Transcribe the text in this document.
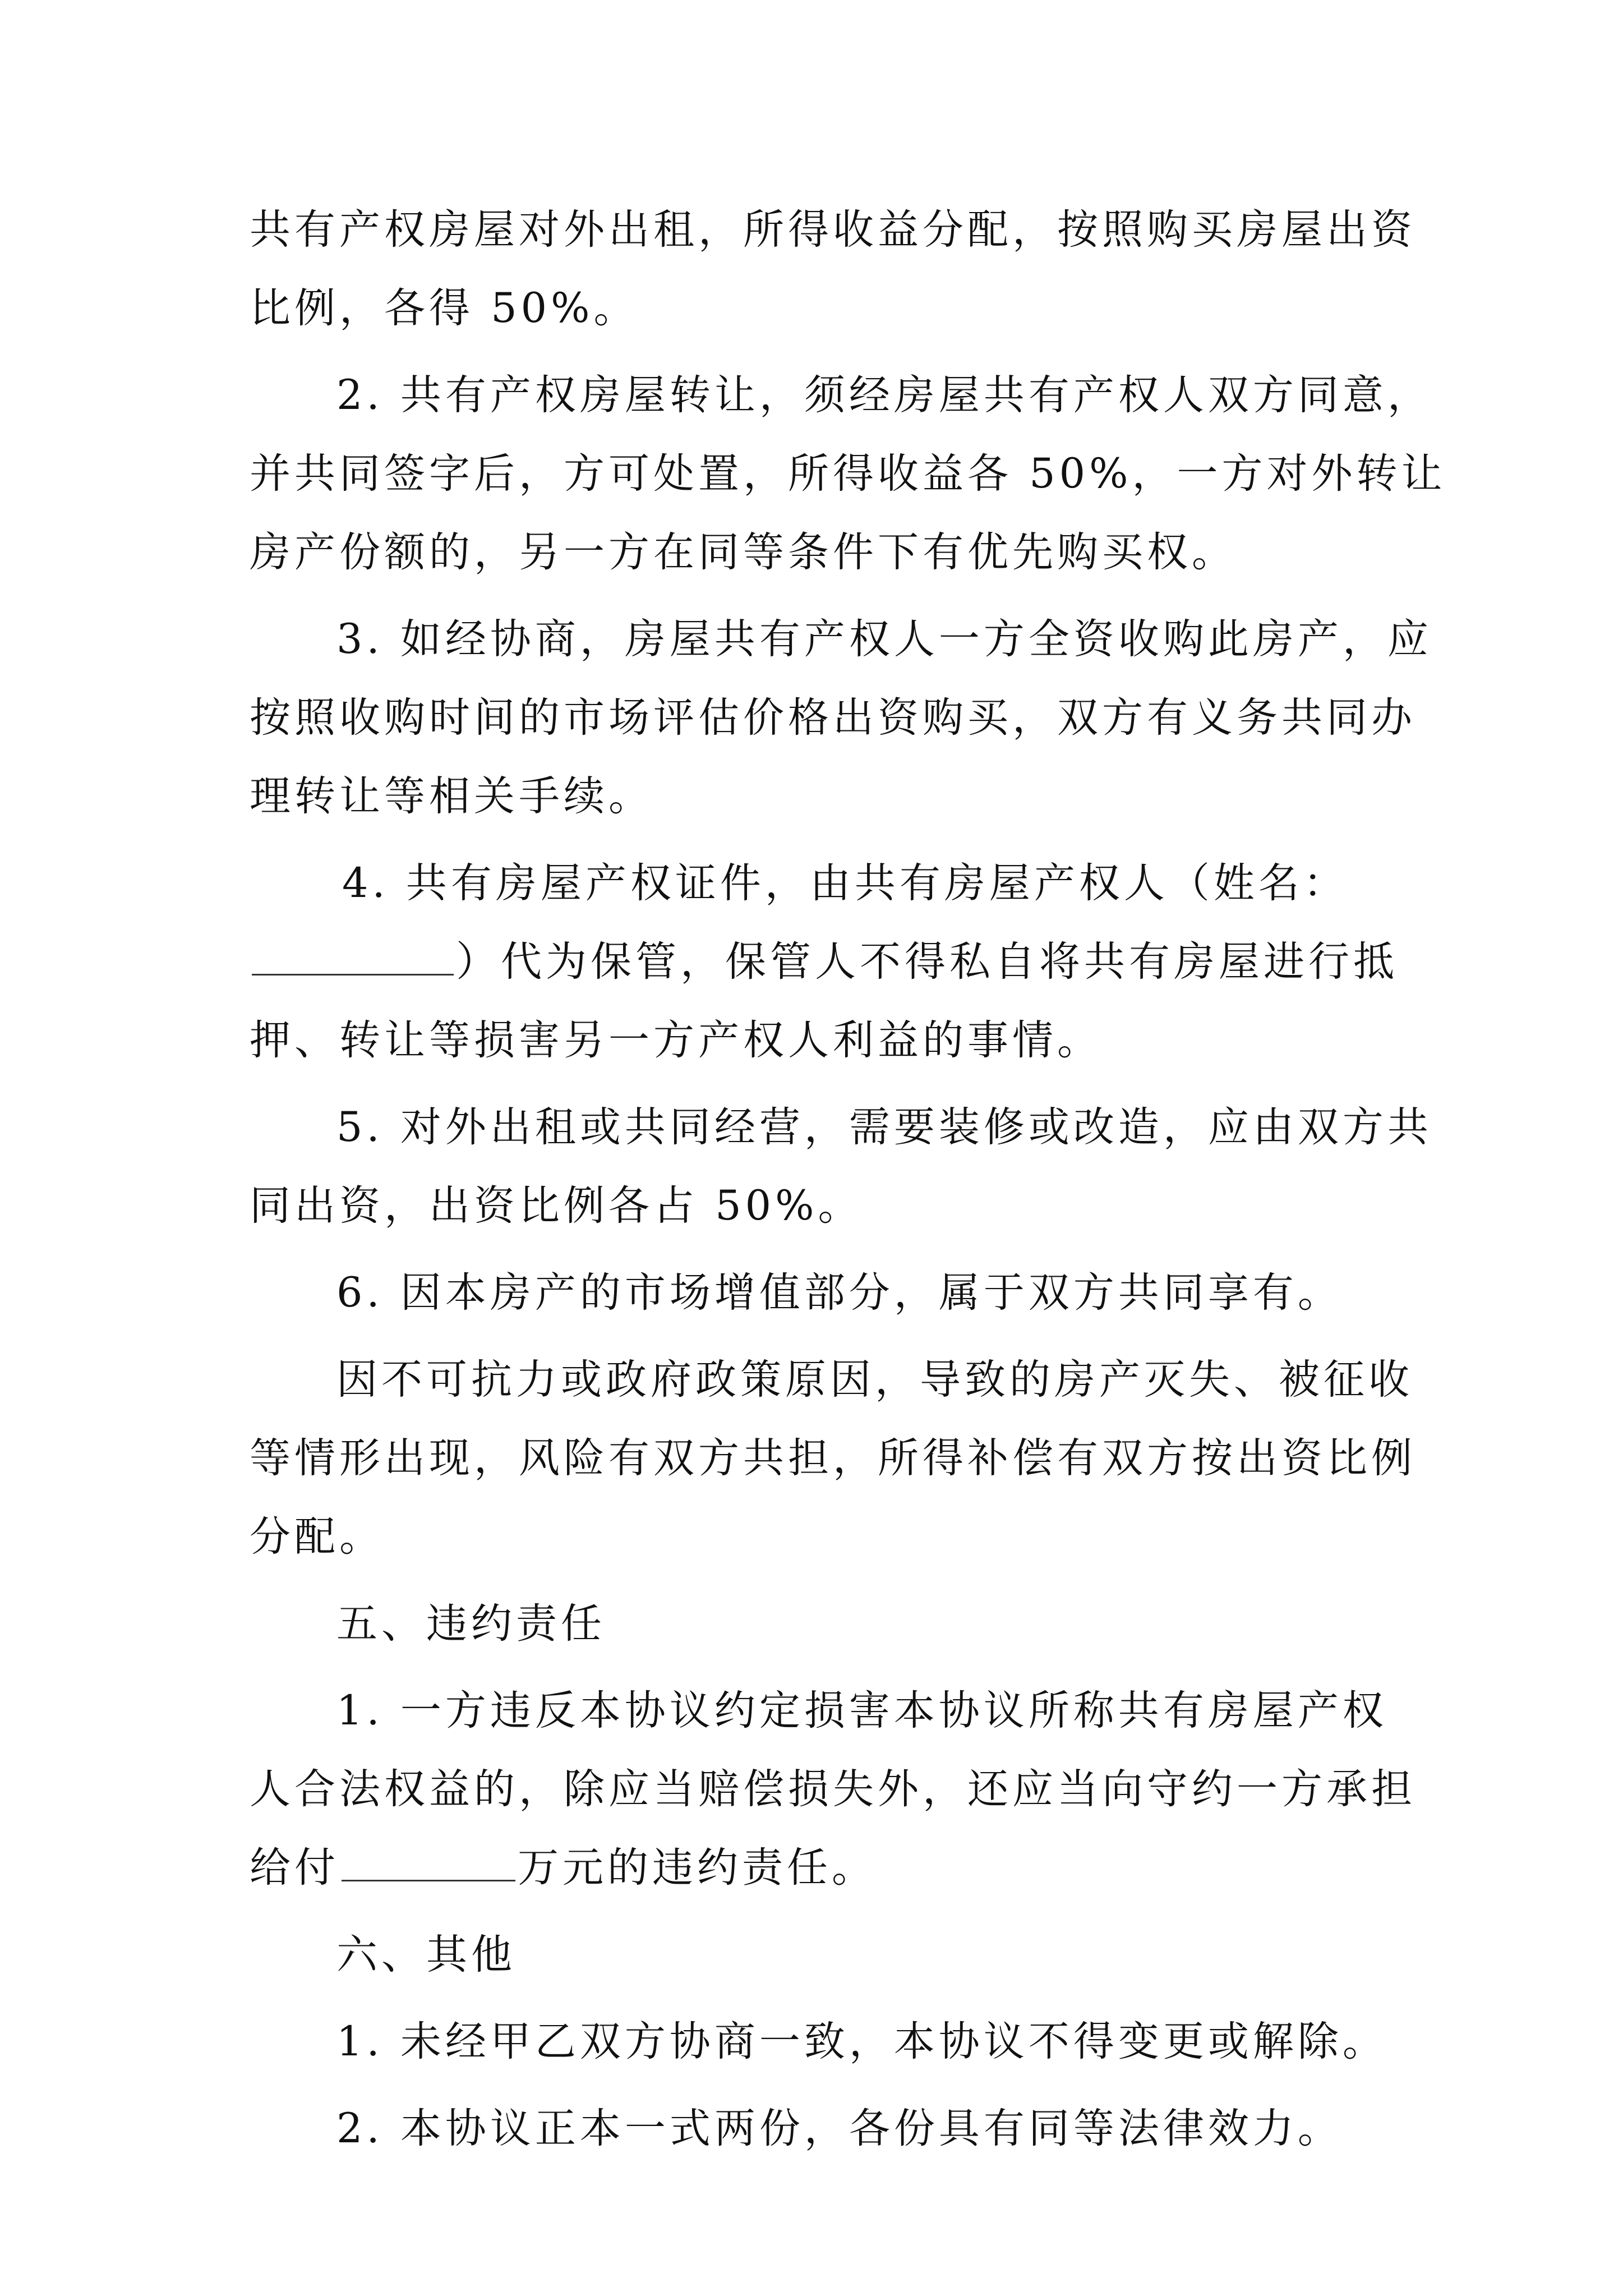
共有产权房屋对外出租，所得收益分配，按照购买房屋出资
比例，各得 50%。
2. 共有产权房屋转让，须经房屋共有产权人双方同意，
并共同签字后，方可处置，所得收益各 50%，一方对外转让
房产份额的，另一方在同等条件下有优先购买权。
3. 如经协商，房屋共有产权人一方全资收购此房产，应
按照收购时间的市场评估价格出资购买，双方有义务共同办
理转让等相关手续。
4. 共有房屋产权证件，由共有房屋产权人（姓名：
）代为保管，保管人不得私自将共有房屋进行抵
押、转让等损害另一方产权人利益的事情。
5. 对外出租或共同经营，需要装修或改造，应由双方共
同出资，出资比例各占 50%。
6. 因本房产的市场增值部分，属于双方共同享有。
因不可抗力或政府政策原因，导致的房产灭失、被征收
等情形出现，风险有双方共担，所得补偿有双方按出资比例
分配。
五、违约责任
1. 一方违反本协议约定损害本协议所称共有房屋产权
人合法权益的，除应当赔偿损失外，还应当向守约一方承担
给付	万元的违约责任。
六、其他
1. 未经甲乙双方协商一致，本协议不得变更或解除。
2. 本协议正本一式两份，各份具有同等法律效力。
